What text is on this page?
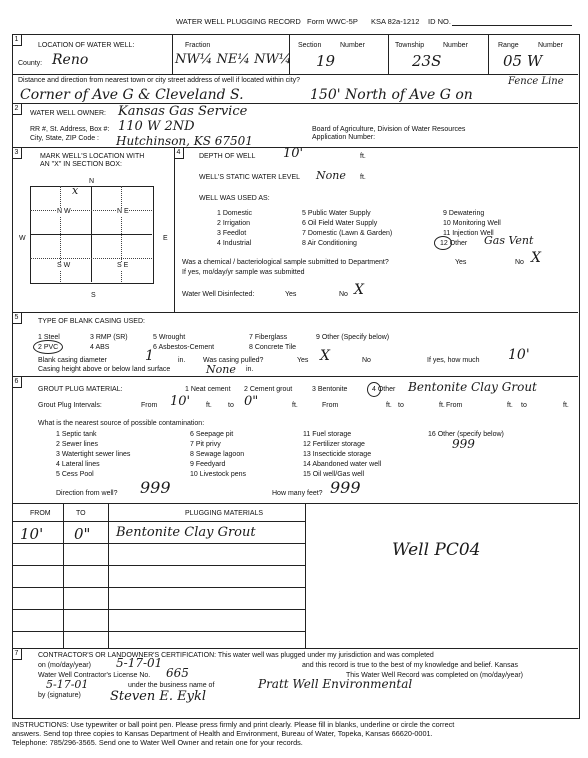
WATER WELL PLUGGING RECORD Form WWC-5P KSA 82a-1212 ID NO.
1
LOCATION OF WATER WELL:	Fraction	Section	Number	Township	Number	Range	Number
County: Reno	NW¼ NE¼ NW¼ 19	23S	05 W
Distance and direction from nearest town or city street address of well if located within city?	Fence Line
Corner of Ave G & Cleveland S.	150' North of Ave G on
2
WATER WELL OWNER: Kansas Gas Service
RR #, St. Address, Box #: 110 W 2ND
City, State, ZIP Code : Hutchinson, KS 67501
Board of Agriculture, Division of Water Resources
Application Number:
3
MARK WELL'S LOCATION WITH
AN "X" IN SECTION BOX:
N
S
W	E
N W	N E
S W	S E
x
4
DEPTH OF WELL 10'	ft.
WELL'S STATIC WATER LEVEL None ft.
WELL WAS USED AS:
1 Domestic	5 Public Water Supply	9 Dewatering
2 Irrigation	6 Oil Field Water Supply	10 Monitoring Well
3 Feedlot	7 Domestic (Lawn & Garden)	11 Injection Well
4 Industrial	8 Air Conditioning	12 Other Gas Vent
Was a chemical / bacteriological sample submitted to Department?	Yes	No X
If yes, mo/day/yr sample was submitted
Water Well Disinfected:	Yes	No X
5
TYPE OF BLANK CASING USED:
1 Steel	3 RMP (SR)	5 Wrought	7 Fiberglass	9 Other (Specify below)
2 PVC	4 ABS	6 Asbestos-Cement	8 Concrete Tile
Blank casing diameter	1	in.	Was casing pulled?	Yes X	No	If yes, how much 10'
Casing height above or below land surface	None in.
6
GROUT PLUG MATERIAL:	1 Neat cement 2 Cement grout	3 Bentonite	4 Other Bentonite Clay Grout
Grout Plug Intervals:	From 10' ft. to 0"	ft.	From	ft. to	ft. From	ft. to	ft.
What is the nearest source of possible contamination:
1 Septic tank	6 Seepage pit	11 Fuel storage	16 Other (specify below)
2 Sewer lines	7 Pit privy	12 Fertilizer storage	999
3 Watertight sewer lines	8 Sewage lagoon	13 Insecticide storage
4 Lateral lines	9 Feedyard	14 Abandoned water well
5 Cess Pool	10 Livestock pens	15 Oil well/Gas well
Direction from well? 999	How many feet? 999
FROM	TO	PLUGGING MATERIALS
10' 0" Bentonite Clay Grout
Well PC04
7	CONTRACTOR'S OR LANDOWNER'S CERTIFICATION: This water well was plugged under my jurisdiction and was completed
on (mo/day/year) 5-17-01	and this record is true to the best of my knowledge and belief. Kansas
Water Well Contractor's License No. 665	This Water Well Record was completed on (mo/day/year)
5-17-01	under the business name of	Pratt Well Environmental
by (signature) Steven E. Eykl
INSTRUCTIONS: Use typewriter or ball point pen. Please press firmly and print clearly. Please fill in blanks, underline or circle the correct
answers. Send top three copies to Kansas Department of Health and Environment, Bureau of Water, Topeka, Kansas 66620-0001.
Telephone: 785/296-3565. Send one to Water Well Owner and retain one for your records.
